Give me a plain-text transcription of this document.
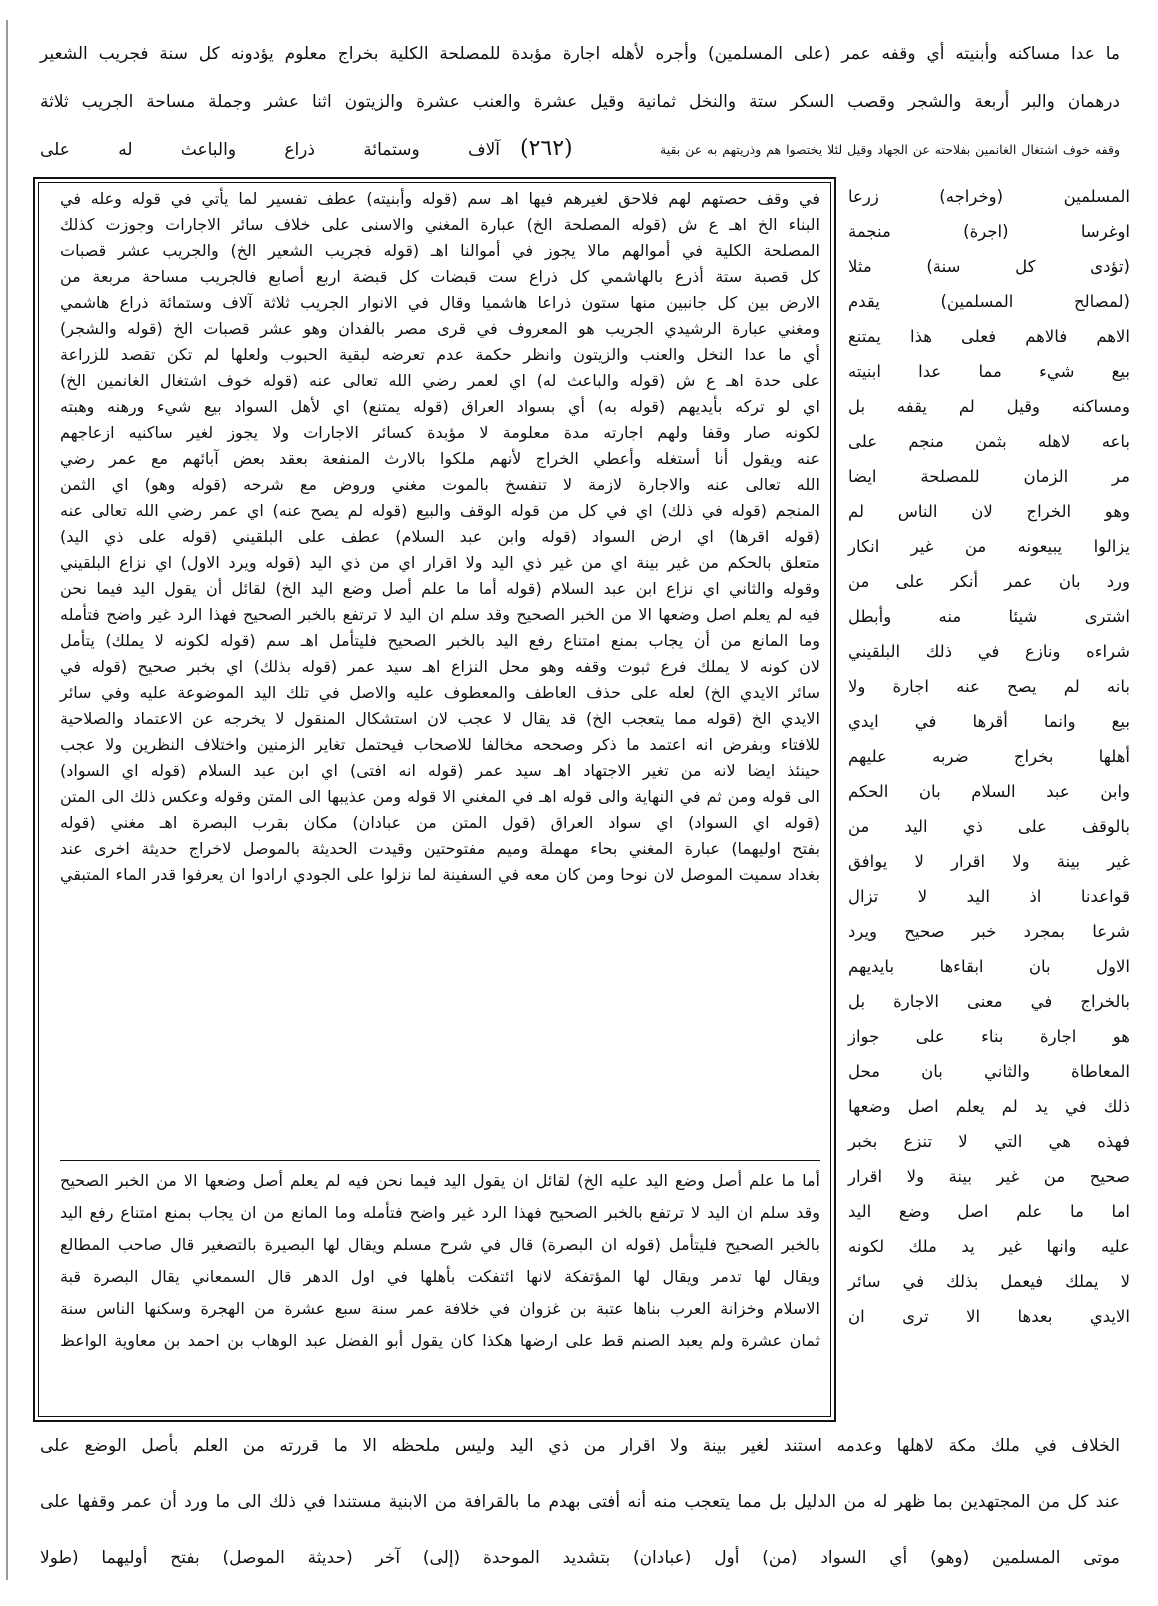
ما عدا مساكنه وأبنيته أي وقفه عمر (على المسلمين) وأجره لأهله اجارة مؤبدة للمصلحة الكلية بخراج معلوم يؤدونه كل سنة فجريب الشعير
درهمان والبر أربعة والشجر وقصب السكر ستة والنخل ثمانية وقيل عشرة والعنب عشرة والزيتون اثنا عشر وجملة مساحة الجريب ثلاثة
وقفه خوف اشتغال الغانمين بفلاحته عن الجهاد وقيل لئلا يختصوا هم وذريتهم به عن بقية
آلاف وستمائة ذراع والباعث له على (٢٦٢)
في وقف حصتهم لهم فلاحق لغيرهم فيها اهـ سم (قوله وأبنيته) عطف تفسير لما يأتي في قوله وعله في
البناء الخ اهـ ع ش (قوله المصلحة الخ) عبارة المغني والاسنى على خلاف سائر الاجارات وجوزت كذلك
المصلحة الكلية في أموالهم مالا يجوز في أموالنا اهـ (قوله فجريب الشعير الخ) والجريب عشر قصبات
كل قصبة ستة أذرع بالهاشمي كل ذراع ست قبضات كل قبضة اربع أصابع فالجريب مساحة مربعة من
الارض بين كل جانبين منها ستون ذراعا هاشميا وقال في الانوار الجريب ثلاثة آلاف وستمائة ذراع هاشمي
ومغني عبارة الرشيدي الجريب هو المعروف في قرى مصر بالفدان وهو عشر قصبات الخ (قوله والشجر)
أي ما عدا النخل والعنب والزيتون وانظر حكمة عدم تعرضه لبقية الحبوب ولعلها لم تكن تقصد للزراعة
على حدة اهـ ع ش (قوله والباعث له) اي لعمر رضي الله تعالى عنه (قوله خوف اشتغال الغانمين الخ)
اي لو تركه بأيديهم (قوله به) أي بسواد العراق (قوله يمتنع) اي لأهل السواد بيع شيء ورهنه وهبته
لكونه صار وقفا ولهم اجارته مدة معلومة لا مؤبدة كسائر الاجارات ولا يجوز لغير ساكنيه ازعاجهم
عنه ويقول أنا أستغله وأعطي الخراج لأنهم ملكوا بالارث المنفعة بعقد بعض آبائهم مع عمر رضي
الله تعالى عنه والاجارة لازمة لا تنفسخ بالموت مغني وروض مع شرحه (قوله وهو) اي الثمن
المنجم (قوله في ذلك) اي في كل من قوله الوقف والبيع (قوله لم يصح عنه) اي عمر رضي الله تعالى عنه
(قوله اقرها) اي ارض السواد (قوله وابن عبد السلام) عطف على البلقيني (قوله على ذي اليد)
متعلق بالحكم من غير بينة اي من غير ذي اليد ولا اقرار اي من ذي اليد (قوله ويرد الاول) اي نزاع البلقيني
وقوله والثاني اي نزاع ابن عبد السلام (قوله أما ما علم أصل وضع اليد الخ) لقائل أن يقول اليد فيما نحن
فيه لم يعلم اصل وضعها الا من الخبر الصحيح وقد سلم ان اليد لا ترتفع بالخبر الصحيح فهذا الرد غير واضح فتأمله
وما المانع من أن يجاب بمنع امتناع رفع اليد بالخبر الصحيح فليتأمل اهـ سم (قوله لكونه لا يملك) يتأمل
لان كونه لا يملك فرع ثبوت وقفه وهو محل النزاع اهـ سيد عمر (قوله بذلك) اي بخبر صحيح (قوله في
سائر الايدي الخ) لعله على حذف العاطف والمعطوف عليه والاصل في تلك اليد الموضوعة عليه وفي سائر
الايدي الخ (قوله مما يتعجب الخ) قد يقال لا عجب لان استشكال المنقول لا يخرجه عن الاعتماد والصلاحية
للافتاء وبفرض انه اعتمد ما ذكر وصححه مخالفا للاصحاب فيحتمل تغاير الزمنين واختلاف النظرين ولا عجب
حينئذ ايضا لانه من تغير الاجتهاد اهـ سيد عمر (قوله انه افتى) اي ابن عبد السلام (قوله اي السواد)
الى قوله ومن ثم في النهاية والى قوله اهـ في المغني الا قوله ومن عذيبها الى المتن وقوله وعكس ذلك الى المتن
(قوله اي السواد) اي سواد العراق (قول المتن من عبادان) مكان بقرب البصرة اهـ مغني (قوله
بفتح اوليهما) عبارة المغني بحاء مهملة وميم مفتوحتين وقيدت الحديثة بالموصل لاخراج حديثة اخرى عند
بغداد سميت الموصل لان نوحا ومن كان معه في السفينة لما نزلوا على الجودي ارادوا ان يعرفوا قدر الماء المتبقي
أما ما علم أصل وضع اليد عليه الخ) لقائل ان يقول اليد فيما نحن فيه لم يعلم أصل وضعها الا من الخبر الصحيح
وقد سلم ان اليد لا ترتفع بالخبر الصحيح فهذا الرد غير واضح فتأمله وما المانع من ان يجاب بمنع امتناع رفع اليد
بالخبر الصحيح فليتأمل (قوله ان البصرة) قال في شرح مسلم ويقال لها البصيرة بالتصغير قال صاحب المطالع
ويقال لها تدمر ويقال لها المؤتفكة لانها ائتفكت بأهلها في اول الدهر قال السمعاني يقال البصرة قبة
الاسلام وخزانة العرب بناها عتبة بن غزوان في خلافة عمر سنة سبع عشرة من الهجرة وسكنها الناس سنة
ثمان عشرة ولم يعبد الصنم قط على ارضها هكذا كان يقول أبو الفضل عبد الوهاب بن احمد بن معاوية الواعظ
المسلمين (وخراجه) زرعا
اوغرسا (اجرة) منجمة
(تؤدى كل سنة) مثلا
(لمصالح المسلمين) يقدم
الاهم فالاهم فعلى هذا يمتنع
بيع شيء مما عدا ابنيته
ومساكنه وقيل لم يقفه بل
باعه لاهله بثمن منجم على
مر الزمان للمصلحة ايضا
وهو الخراج لان الناس لم
يزالوا يبيعونه من غير انكار
ورد بان عمر أنكر على من
اشترى شيئا منه وأبطل
شراءه ونازع في ذلك البلقيني
بانه لم يصح عنه اجارة ولا
بيع وانما أقرها في ايدي
أهلها بخراج ضربه عليهم
وابن عبد السلام بان الحكم
بالوقف على ذي اليد من
غير بينة ولا اقرار لا يوافق
قواعدنا اذ اليد لا تزال
شرعا بمجرد خبر صحيح ويرد
الاول بان ابقاءها بايديهم
بالخراج في معنى الاجارة بل
هو اجارة بناء على جواز
المعاطاة والثاني بان محل
ذلك في يد لم يعلم اصل وضعها
فهذه هي التي لا تنزع بخبر
صحيح من غير بينة ولا اقرار
اما ما علم اصل وضع اليد
عليه وانها غير يد ملك لكونه
لا يملك فيعمل بذلك في سائر
الايدي بعدها الا ترى ان
الخلاف في ملك مكة لاهلها وعدمه استند لغير بينة ولا اقرار من ذي اليد وليس ملحظه الا ما قررته من العلم بأصل الوضع على
عند كل من المجتهدين بما ظهر له من الدليل بل مما يتعجب منه أنه أفتى بهدم ما بالقرافة من الابنية مستندا في ذلك الى ما ورد أن عمر وقفها على
موتى المسلمين (وهو) أي السواد (من) أول (عبادان) بتشديد الموحدة (إلى) آخر (حديثة الموصل) بفتح أوليهما (طولا
